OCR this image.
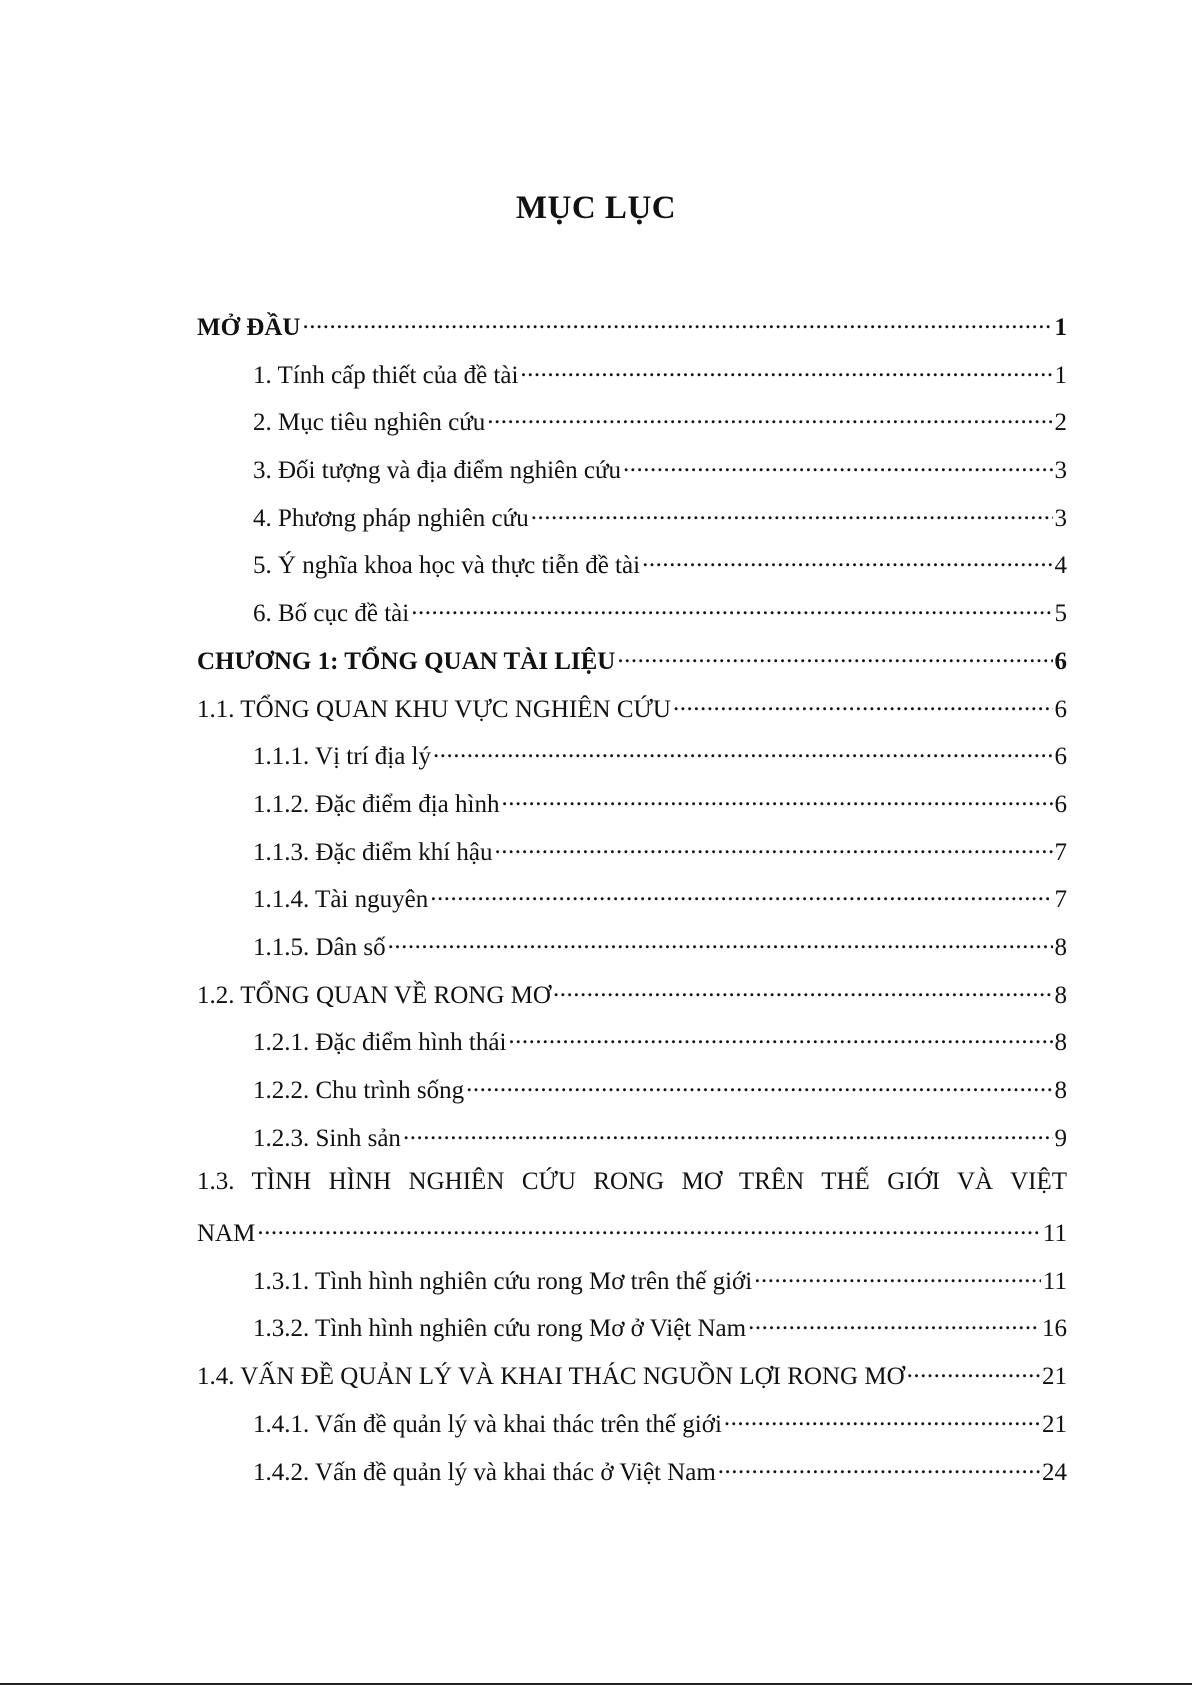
MỤC LỤC
MỞ ĐẦU .....	1
1. Tính cấp thiết của đề tài .....	1
2. Mục tiêu nghiên cứu .....	2
3. Đối tượng và địa điểm nghiên cứu .....	3
4. Phương pháp nghiên cứu .....	3
5. Ý nghĩa khoa học và thực tiễn đề tài .....	4
6. Bố cục đề tài .....	5
CHƯƠNG 1: TỔNG QUAN TÀI LIỆU .....	6
1.1. TỔNG QUAN KHU VỰC NGHIÊN CỨU .....	6
1.1.1. Vị trí địa lý .....	6
1.1.2. Đặc điểm địa hình .....	6
1.1.3. Đặc điểm khí hậu .....	7
1.1.4. Tài nguyên .....	7
1.1.5. Dân số .....	8
1.2. TỔNG QUAN VỀ RONG MƠ .....	8
1.2.1. Đặc điểm hình thái .....	8
1.2.2. Chu trình sống .....	8
1.2.3. Sinh sản .....	9
1.3. TÌNH HÌNH NGHIÊN CỨU RONG MƠ TRÊN THẾ GIỚI VÀ VIỆT
NAM .....	11
1.3.1. Tình hình nghiên cứu rong Mơ trên thế giới .....	11
1.3.2. Tình hình nghiên cứu rong Mơ ở Việt Nam .....	16
1.4. VẤN ĐỀ QUẢN LÝ VÀ KHAI THÁC NGUỒN LỢI RONG MƠ .....	21
1.4.1. Vấn đề quản lý và khai thác trên thế giới .....	21
1.4.2. Vấn đề quản lý và khai thác ở Việt Nam .....	24
